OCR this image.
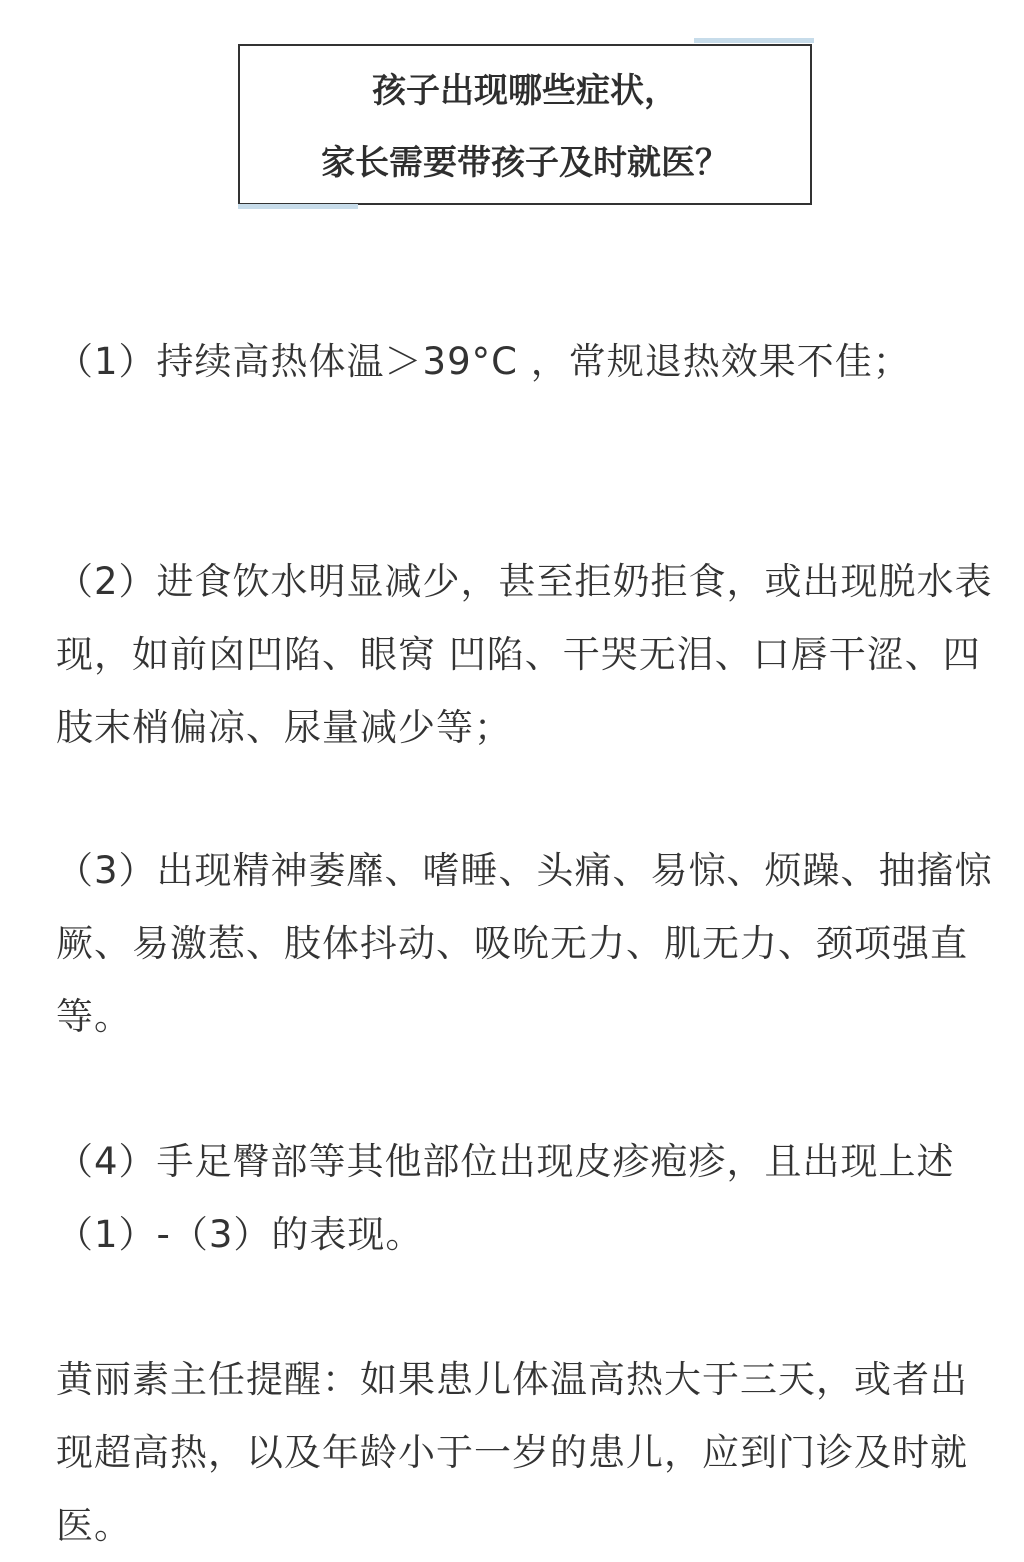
孩子出现哪些症状，
家长需要带孩子及时就医？

（1）持续高热体温＞39°C ，常规退热效果不佳；

（2）进食饮水明显减少，甚至拒奶拒食，或出现脱水表现，如前囟凹陷、眼窝 凹陷、干哭无泪、口唇干涩、四肢末梢偏凉、尿量减少等；

（3）出现精神萎靡、嗜睡、头痛、易惊、烦躁、抽搐惊厥、易激惹、肢体抖动、吸吮无力、肌无力、颈项强直等。

（4）手足臀部等其他部位出现皮疹疱疹，且出现上述（1）-（3）的表现。

黄丽素主任提醒：如果患儿体温高热大于三天，或者出现超高热，以及年龄小于一岁的患儿，应到门诊及时就医。
